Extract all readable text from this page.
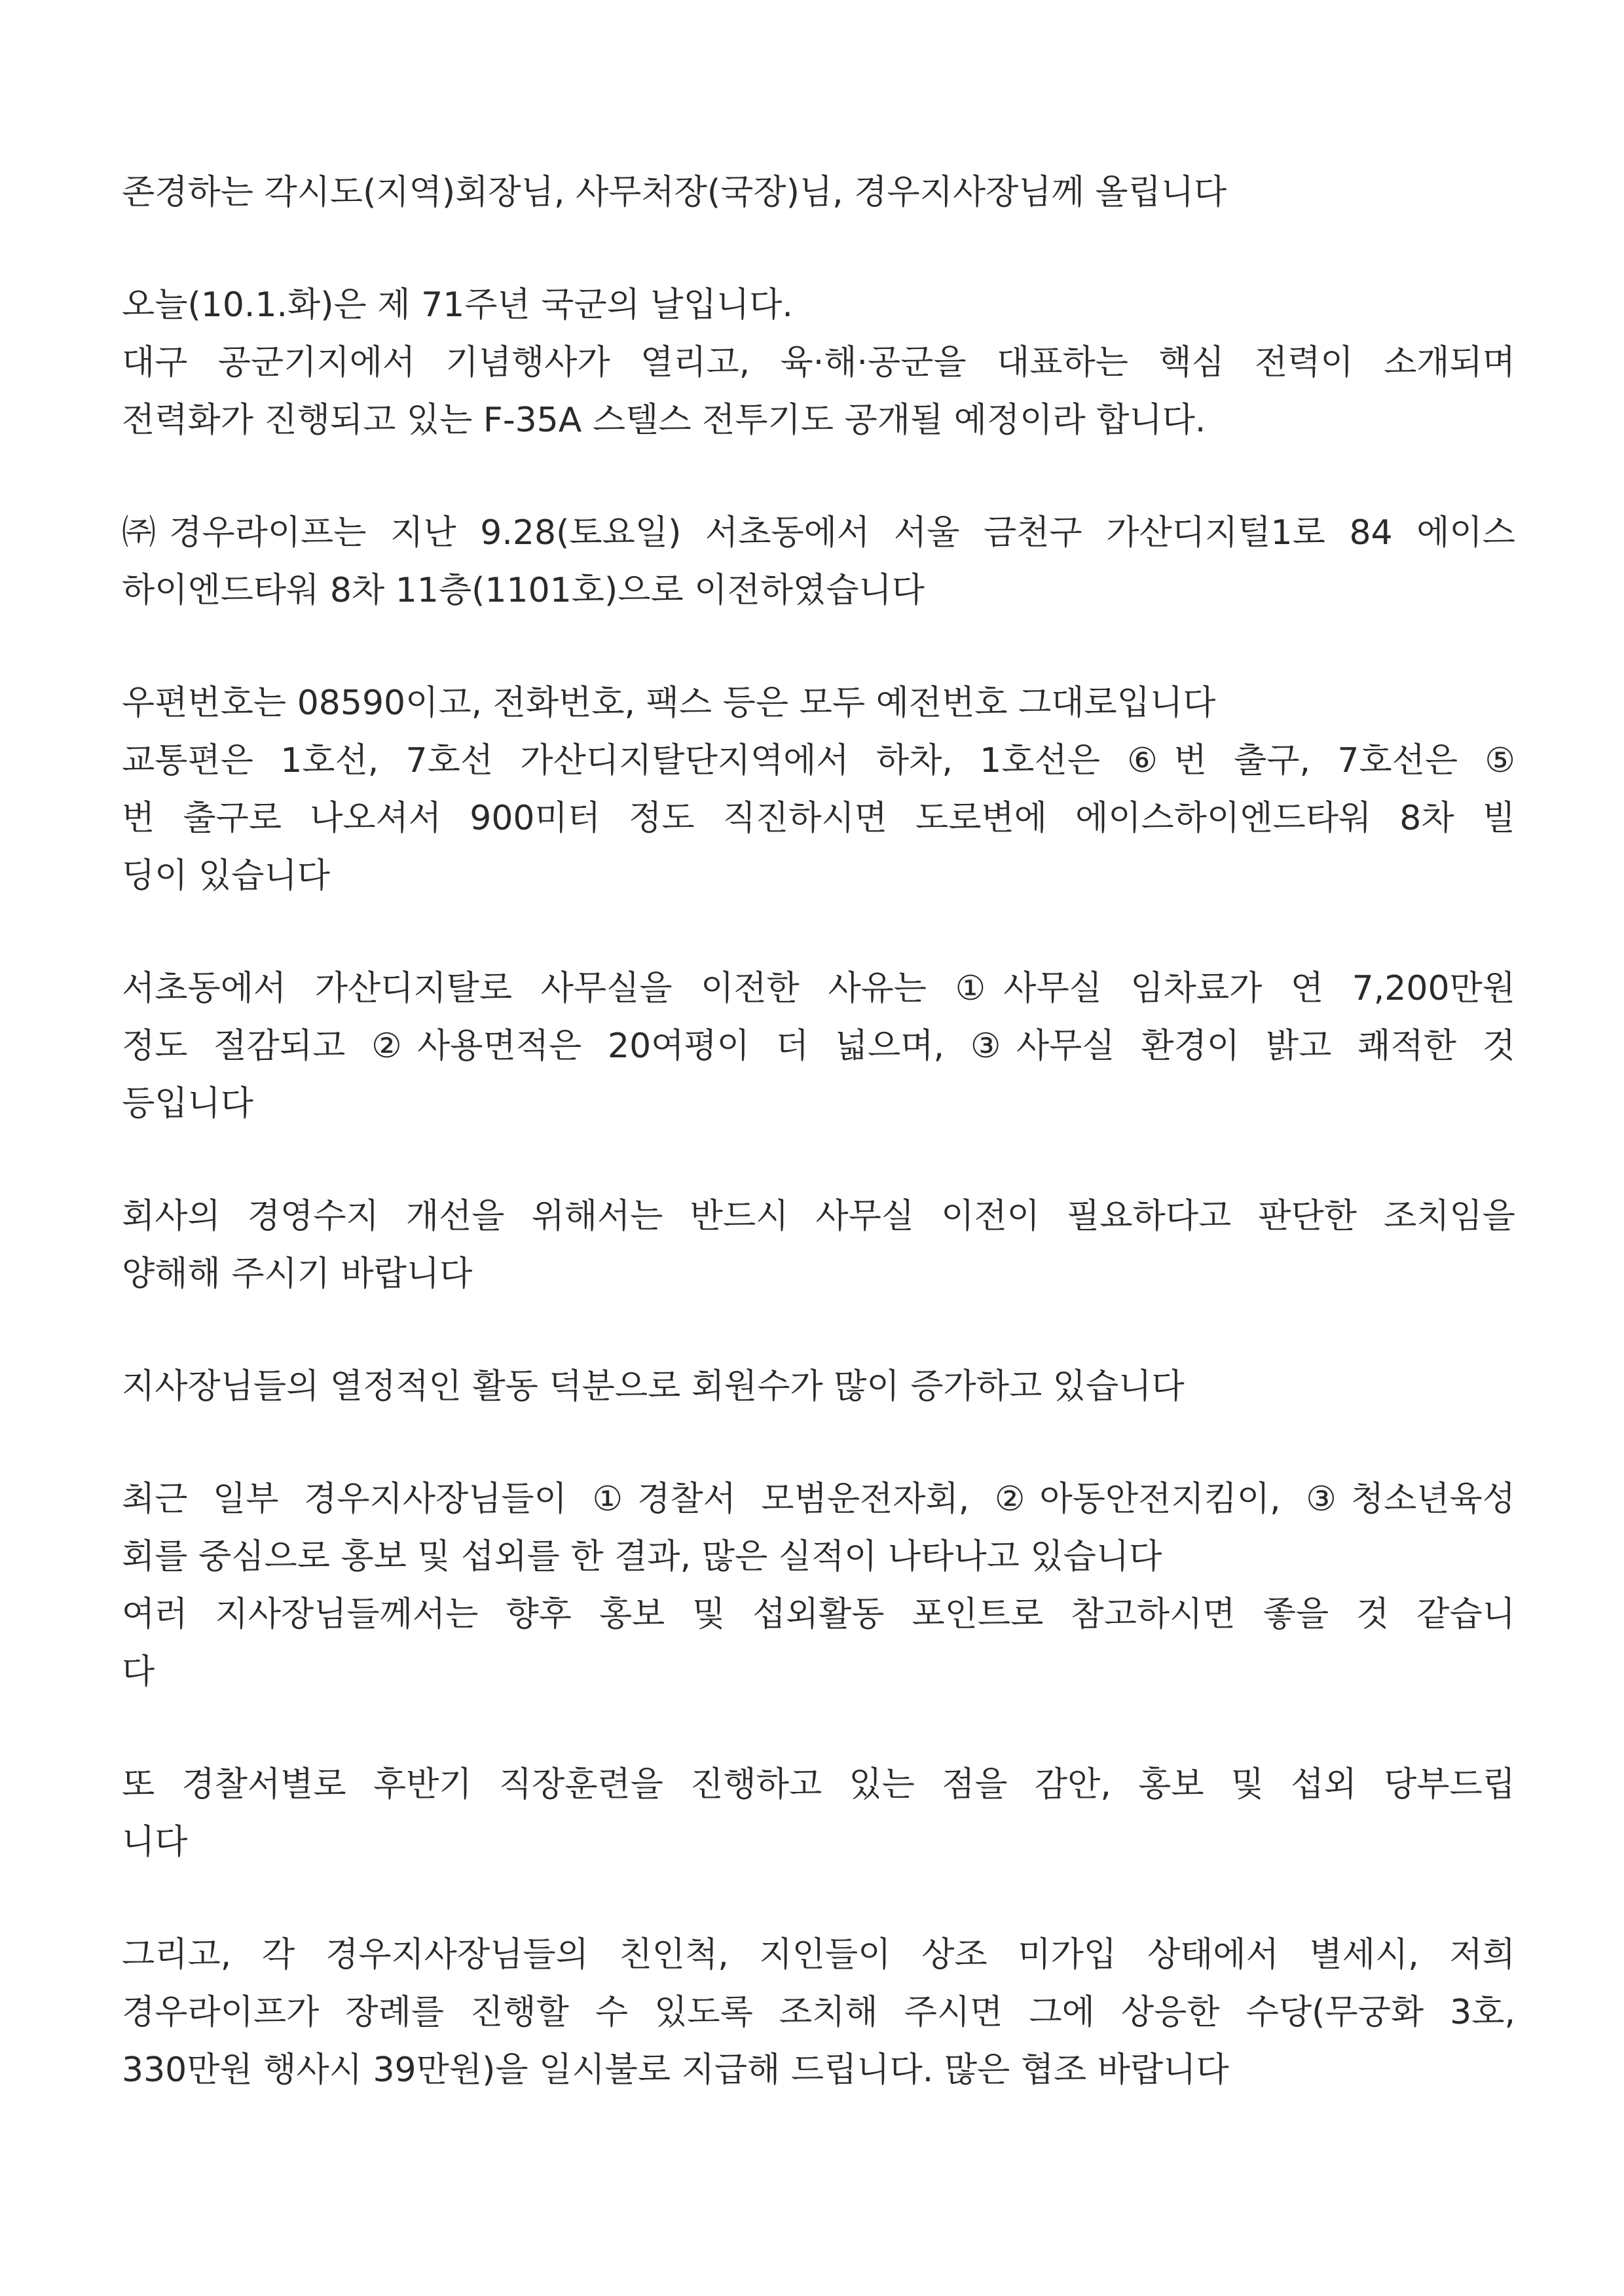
존경하는 각시도(지역)회장님, 사무처장(국장)님, 경우지사장님께 올립니다
오늘(10.1.화)은 제 71주년 국군의 날입니다.
대구 공군기지에서 기념행사가 열리고, 육·해·공군을 대표하는 핵심 전력이 소개되며
전력화가 진행되고 있는 F-35A 스텔스 전투기도 공개될 예정이라 합니다.
㈜경우라이프는 지난 9.28(토요일) 서초동에서 서울 금천구 가산디지털1로 84 에이스
하이엔드타워 8차 11층(1101호)으로 이전하였습니다
우편번호는 08590이고, 전화번호, 팩스 등은 모두 예전번호 그대로입니다
교통편은 1호선, 7호선 가산디지탈단지역에서 하차, 1호선은 ⑥번 출구, 7호선은 ⑤
번 출구로 나오셔서 900미터 정도 직진하시면 도로변에 에이스하이엔드타워 8차 빌
딩이 있습니다
서초동에서 가산디지탈로 사무실을 이전한 사유는 ①사무실 임차료가 연 7,200만원
정도 절감되고 ②사용면적은 20여평이 더 넓으며, ③사무실 환경이 밝고 쾌적한 것
등입니다
회사의 경영수지 개선을 위해서는 반드시 사무실 이전이 필요하다고 판단한 조치임을
양해해 주시기 바랍니다
지사장님들의 열정적인 활동 덕분으로 회원수가 많이 증가하고 있습니다
최근 일부 경우지사장님들이 ①경찰서 모범운전자회, ②아동안전지킴이, ③청소년육성
회를 중심으로 홍보 및 섭외를 한 결과, 많은 실적이 나타나고 있습니다
여러 지사장님들께서는 향후 홍보 및 섭외활동 포인트로 참고하시면 좋을 것 같습니
다
또 경찰서별로 후반기 직장훈련을 진행하고 있는 점을 감안, 홍보 및 섭외 당부드립
니다
그리고, 각 경우지사장님들의 친인척, 지인들이 상조 미가입 상태에서 별세시, 저희
경우라이프가 장례를 진행할 수 있도록 조치해 주시면 그에 상응한 수당(무궁화 3호,
330만원 행사시 39만원)을 일시불로 지급해 드립니다. 많은 협조 바랍니다
